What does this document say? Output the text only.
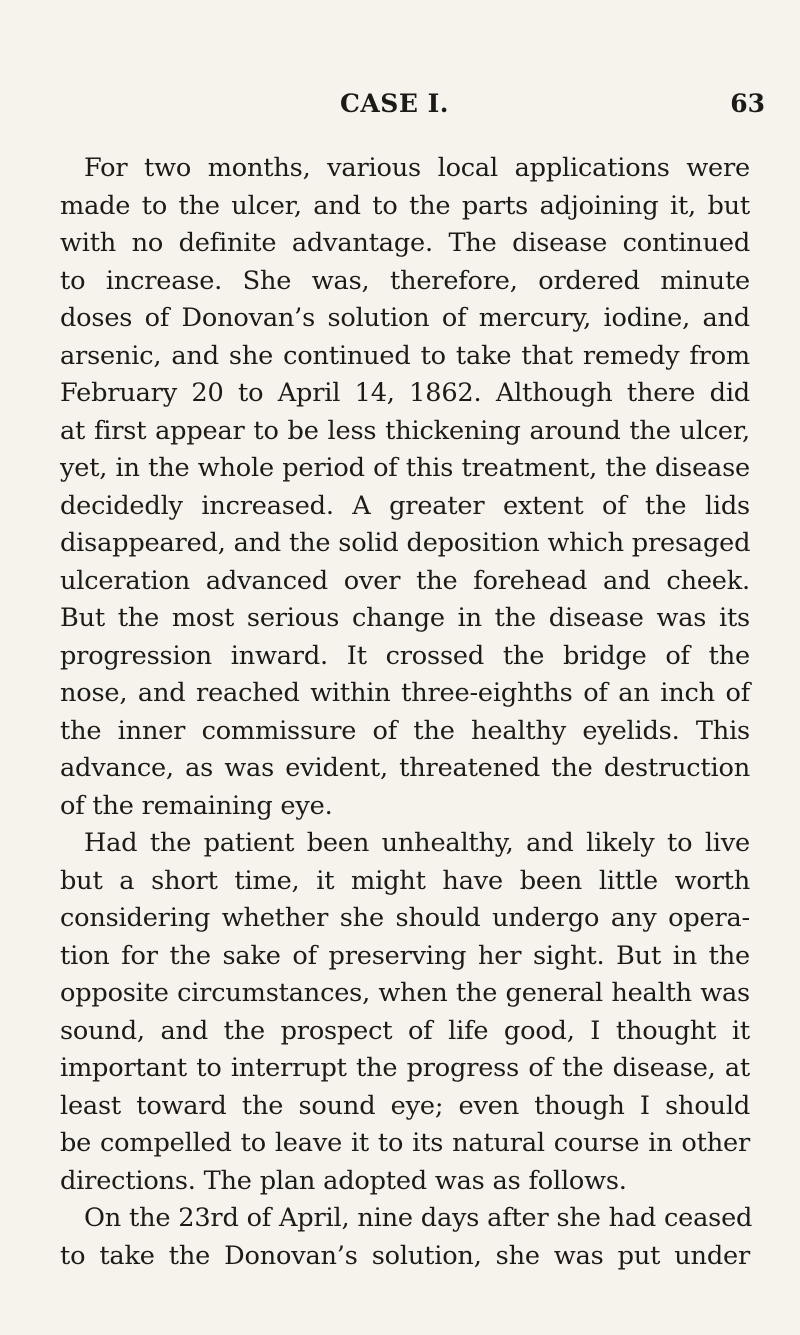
CASE I.	63
For two months, various local applications were
made to the ulcer, and to the parts adjoining it, but
with no definite advantage. The disease continued
to increase. She was, therefore, ordered minute
doses of Donovan’s solution of mercury, iodine, and
arsenic, and she continued to take that remedy from
February 20 to April 14, 1862. Although there did
at first appear to be less thickening around the ulcer,
yet, in the whole period of this treatment, the disease
decidedly increased. A greater extent of the lids
disappeared, and the solid deposition which presaged
ulceration advanced over the forehead and cheek.
But the most serious change in the disease was its
progression inward. It crossed the bridge of the
nose, and reached within three-eighths of an inch of
the inner commissure of the healthy eyelids. This
advance, as was evident, threatened the destruction
of the remaining eye.
Had the patient been unhealthy, and likely to live
but a short time, it might have been little worth
considering whether she should undergo any opera-
tion for the sake of preserving her sight. But in the
opposite circumstances, when the general health was
sound, and the prospect of life good, I thought it
important to interrupt the progress of the disease, at
least toward the sound eye; even though I should
be compelled to leave it to its natural course in other
directions. The plan adopted was as follows.
On the 23rd of April, nine days after she had ceased
to take the Donovan’s solution, she was put under
